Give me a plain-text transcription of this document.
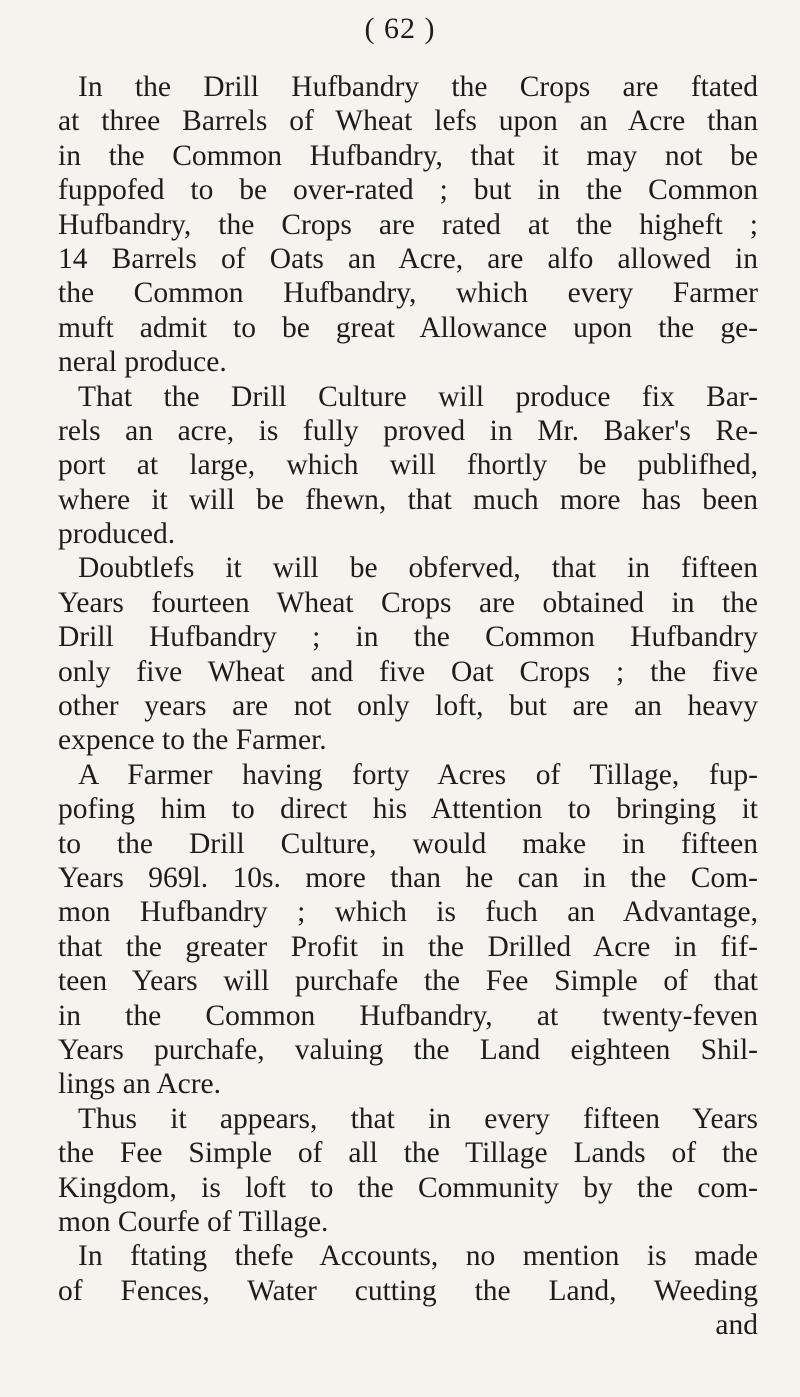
( 62 )
In the Drill Hufbandry the Crops are ftated
at three Barrels of Wheat lefs upon an Acre than
in the Common Hufbandry, that it may not be
fuppofed to be over-rated ; but in the Common
Hufbandry, the Crops are rated at the higheft ;
14 Barrels of Oats an Acre, are alfo allowed in
the Common Hufbandry, which every Farmer
muft admit to be great Allowance upon the ge-
neral produce.
That the Drill Culture will produce fix Bar-
rels an acre, is fully proved in Mr. Baker's Re-
port at large, which will fhortly be publifhed,
where it will be fhewn, that much more has been
produced.
Doubtlefs it will be obferved, that in fifteen
Years fourteen Wheat Crops are obtained in the
Drill Hufbandry ; in the Common Hufbandry
only five Wheat and five Oat Crops ; the five
other years are not only loft, but are an heavy
expence to the Farmer.
A Farmer having forty Acres of Tillage, fup-
pofing him to direct his Attention to bringing it
to the Drill Culture, would make in fifteen
Years 969l. 10s. more than he can in the Com-
mon Hufbandry ; which is fuch an Advantage,
that the greater Profit in the Drilled Acre in fif-
teen Years will purchafe the Fee Simple of that
in the Common Hufbandry, at twenty-feven
Years purchafe, valuing the Land eighteen Shil-
lings an Acre.
Thus it appears, that in every fifteen Years
the Fee Simple of all the Tillage Lands of the
Kingdom, is loft to the Community by the com-
mon Courfe of Tillage.
In ftating thefe Accounts, no mention is made
of Fences, Water cutting the Land, Weeding
and
